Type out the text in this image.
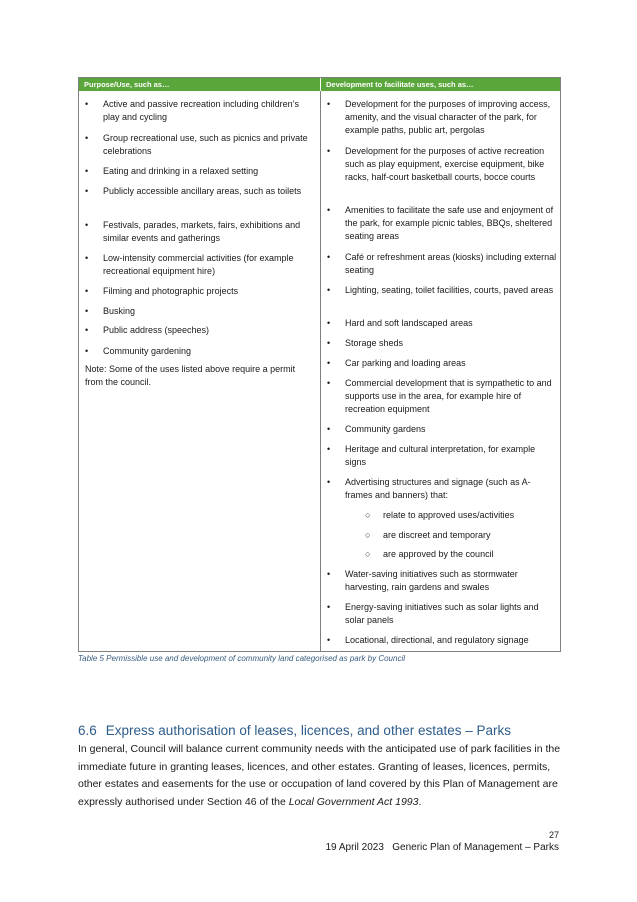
Purpose/Use, such as…	Development to facilitate uses, such as…
• Active and passive recreation including children’s play and cycling
• Group recreational use, such as picnics and private celebrations
• Eating and drinking in a relaxed setting
• Publicly accessible ancillary areas, such as toilets
• Festivals, parades, markets, fairs, exhibitions and similar events and gatherings
• Low-intensity commercial activities (for example recreational equipment hire)
• Filming and photographic projects
• Busking
• Public address (speeches)
• Community gardening
Note: Some of the uses listed above require a permit from the council.
• Development for the purposes of improving access, amenity, and the visual character of the park, for example paths, public art, pergolas
• Development for the purposes of active recreation such as play equipment, exercise equipment, bike racks, half-court basketball courts, bocce courts
• Amenities to facilitate the safe use and enjoyment of the park, for example picnic tables, BBQs, sheltered seating areas
• Café or refreshment areas (kiosks) including external seating
• Lighting, seating, toilet facilities, courts, paved areas
• Hard and soft landscaped areas
• Storage sheds
• Car parking and loading areas
• Commercial development that is sympathetic to and supports use in the area, for example hire of recreation equipment
• Community gardens
• Heritage and cultural interpretation, for example signs
• Advertising structures and signage (such as A-frames and banners) that:
○ relate to approved uses/activities
○ are discreet and temporary
○ are approved by the council
• Water-saving initiatives such as stormwater harvesting, rain gardens and swales
• Energy-saving initiatives such as solar lights and solar panels
• Locational, directional, and regulatory signage
Table 5 Permissible use and development of community land categorised as park by Council
6.6 Express authorisation of leases, licences, and other estates – Parks
In general, Council will balance current community needs with the anticipated use of park facilities in the immediate future in granting leases, licences, and other estates. Granting of leases, licences, permits, other estates and easements for the use or occupation of land covered by this Plan of Management are expressly authorised under Section 46 of the Local Government Act 1993.
27
19 April 2023 Generic Plan of Management – Parks
